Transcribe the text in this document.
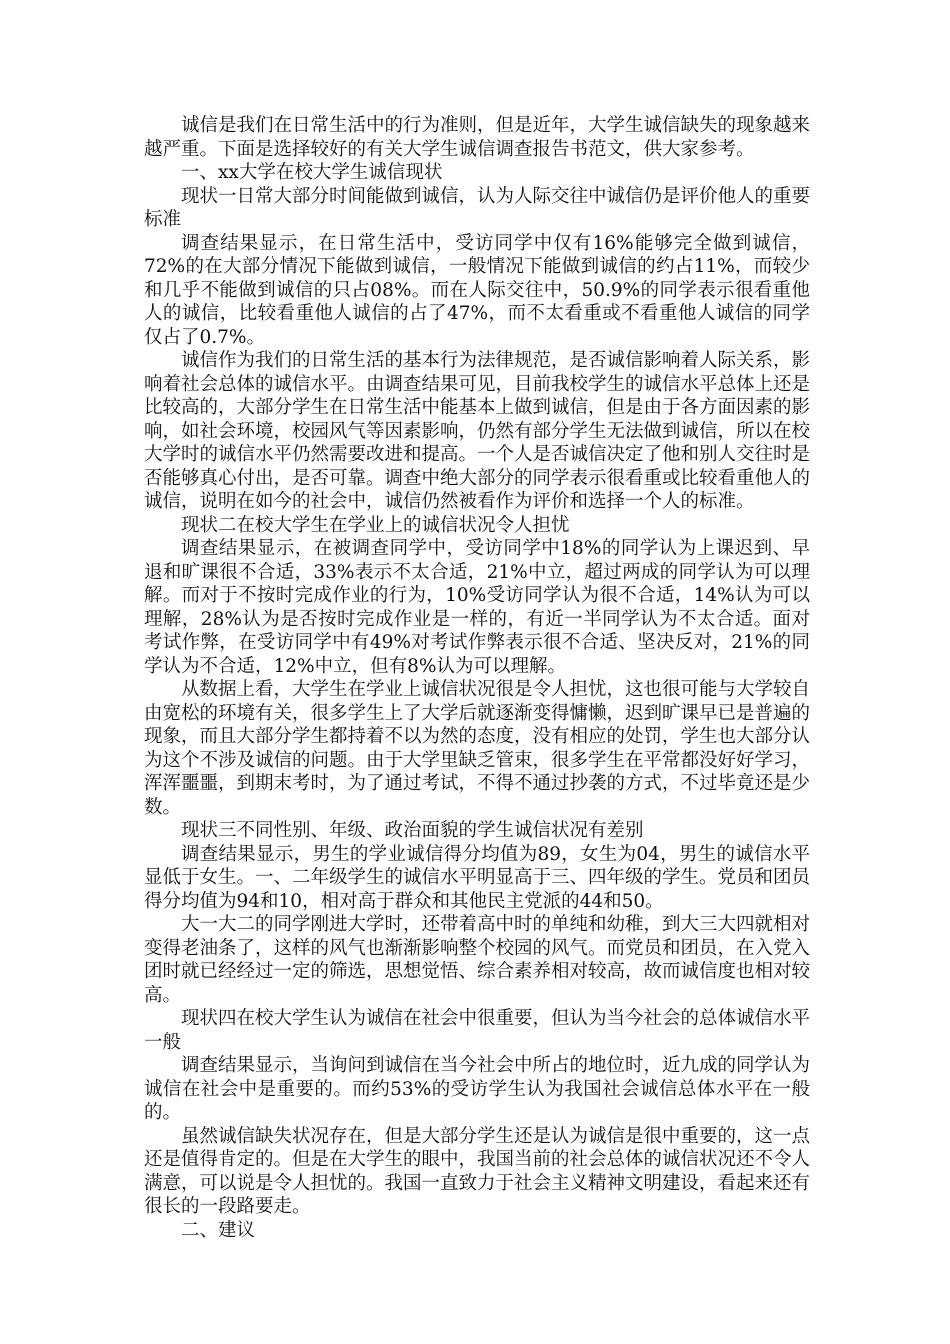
诚信是我们在日常生活中的行为准则，但是近年，大学生诚信缺失的现象越来越严重。下面是选择较好的有关大学生诚信调查报告书范文，供大家参考。

一、xx大学在校大学生诚信现状

现状一日常大部分时间能做到诚信，认为人际交往中诚信仍是评价他人的重要标准

调查结果显示，在日常生活中，受访同学中仅有16%能够完全做到诚信，72%的在大部分情况下能做到诚信，一般情况下能做到诚信的约占11%，而较少和几乎不能做到诚信的只占08%。而在人际交往中，50.9%的同学表示很看重他人的诚信，比较看重他人诚信的占了47%，而不太看重或不看重他人诚信的同学仅占了0.7%。

诚信作为我们的日常生活的基本行为法律规范，是否诚信影响着人际关系，影响着社会总体的诚信水平。由调查结果可见，目前我校学生的诚信水平总体上还是比较高的，大部分学生在日常生活中能基本上做到诚信，但是由于各方面因素的影响，如社会环境，校园风气等因素影响，仍然有部分学生无法做到诚信，所以在校大学时的诚信水平仍然需要改进和提高。一个人是否诚信决定了他和别人交往时是否能够真心付出，是否可靠。调查中绝大部分的同学表示很看重或比较看重他人的诚信，说明在如今的社会中，诚信仍然被看作为评价和选择一个人的标准。

现状二在校大学生在学业上的诚信状况令人担忧

调查结果显示，在被调查同学中，受访同学中18%的同学认为上课迟到、早退和旷课很不合适，33%表示不太合适，21%中立，超过两成的同学认为可以理解。而对于不按时完成作业的行为，10%受访同学认为很不合适，14%认为可以理解，28%认为是否按时完成作业是一样的，有近一半同学认为不太合适。面对考试作弊，在受访同学中有49%对考试作弊表示很不合适、坚决反对，21%的同学认为不合适，12%中立，但有8%认为可以理解。

从数据上看，大学生在学业上诚信状况很是令人担忧，这也很可能与大学较自由宽松的环境有关，很多学生上了大学后就逐渐变得慵懒，迟到旷课早已是普遍的现象，而且大部分学生都持着不以为然的态度，没有相应的处罚，学生也大部分认为这个不涉及诚信的问题。由于大学里缺乏管束，很多学生在平常都没好好学习，浑浑噩噩，到期末考时，为了通过考试，不得不通过抄袭的方式，不过毕竟还是少数。

现状三不同性别、年级、政治面貌的学生诚信状况有差别

调查结果显示，男生的学业诚信得分均值为89，女生为04，男生的诚信水平显低于女生。一、二年级学生的诚信水平明显高于三、四年级的学生。党员和团员得分均值为94和10，相对高于群众和其他民主党派的44和50。

大一大二的同学刚进大学时，还带着高中时的单纯和幼稚，到大三大四就相对变得老油条了，这样的风气也渐渐影响整个校园的风气。而党员和团员，在入党入团时就已经经过一定的筛选，思想觉悟、综合素养相对较高，故而诚信度也相对较高。

现状四在校大学生认为诚信在社会中很重要，但认为当今社会的总体诚信水平一般

调查结果显示，当询问到诚信在当今社会中所占的地位时，近九成的同学认为诚信在社会中是重要的。而约53%的受访学生认为我国社会诚信总体水平在一般的。

虽然诚信缺失状况存在，但是大部分学生还是认为诚信是很中重要的，这一点还是值得肯定的。但是在大学生的眼中，我国当前的社会总体的诚信状况还不令人满意，可以说是令人担忧的。我国一直致力于社会主义精神文明建设，看起来还有很长的一段路要走。

二、建议
